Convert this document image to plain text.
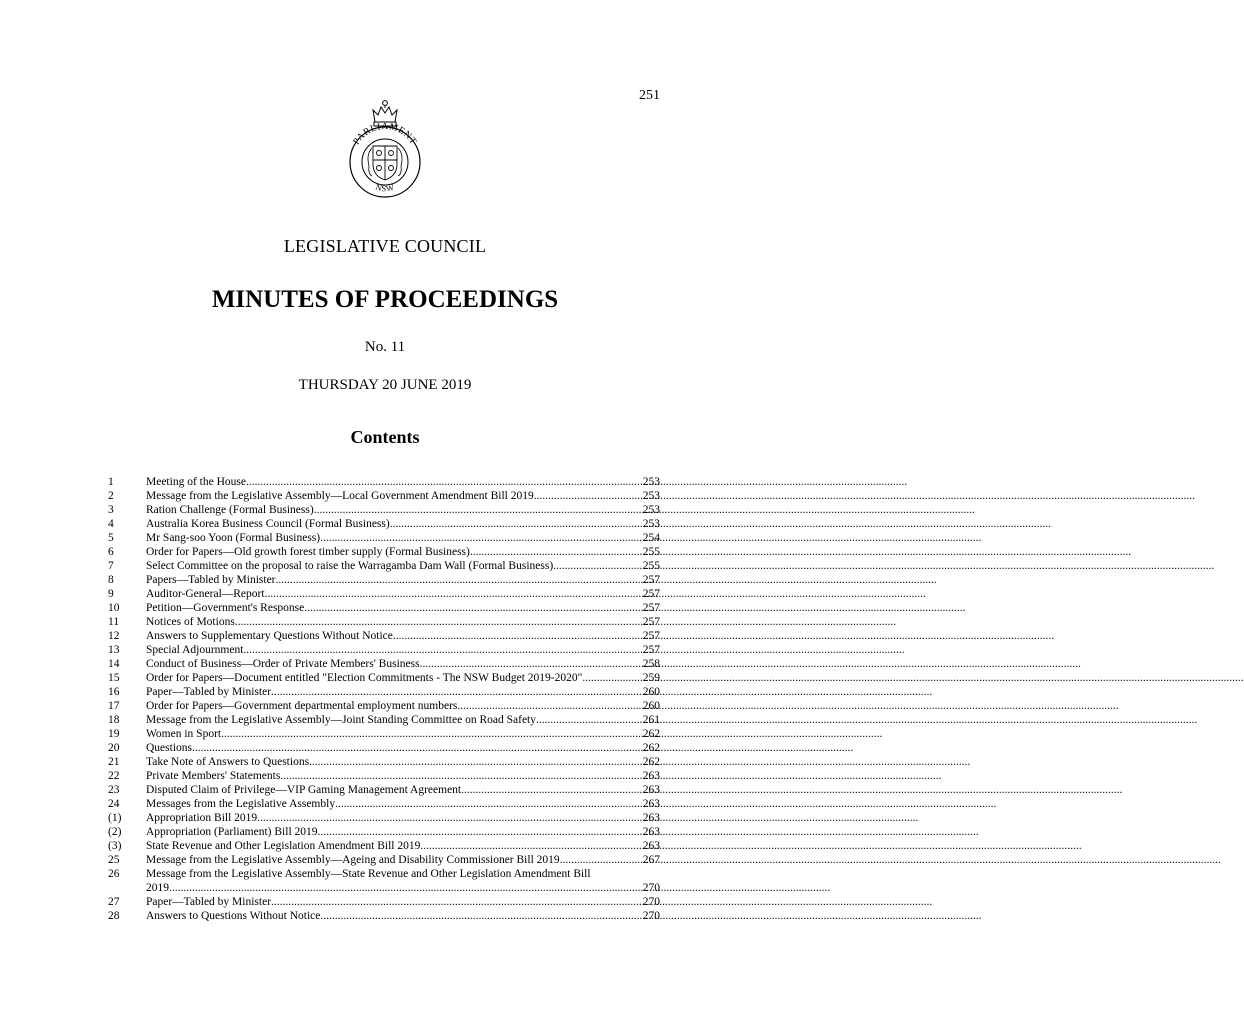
251
PARLIAMENT
NSW
LEGISLATIVE COUNCIL
MINUTES OF PROCEEDINGS
No. 11
THURSDAY 20 JUNE 2019
Contents
1	Meeting of the House .....	253
2	Message from the Legislative Assembly—Local Government Amendment Bill 2019 .....	253
3	Ration Challenge (Formal Business) .....	253
4	Australia Korea Business Council (Formal Business) .....	253
5	Mr Sang-soo Yoon (Formal Business) .....	254
6	Order for Papers—Old growth forest timber supply (Formal Business) .....	255
7	Select Committee on the proposal to raise the Warragamba Dam Wall (Formal Business) .....	255
8	Papers—Tabled by Minister .....	257
9	Auditor-General—Report .....	257
10	Petition—Government's Response .....	257
11	Notices of Motions .....	257
12	Answers to Supplementary Questions Without Notice .....	257
13	Special Adjournment .....	257
14	Conduct of Business—Order of Private Members' Business .....	258
15	Order for Papers—Document entitled "Election Commitments - The NSW Budget 2019-2020" .....	259
16	Paper—Tabled by Minister .....	260
17	Order for Papers—Government departmental employment numbers .....	260
18	Message from the Legislative Assembly—Joint Standing Committee on Road Safety .....	261
19	Women in Sport .....	262
20	Questions .....	262
21	Take Note of Answers to Questions .....	262
22	Private Members' Statements .....	263
23	Disputed Claim of Privilege—VIP Gaming Management Agreement .....	263
24	Messages from the Legislative Assembly .....	263
(1)	Appropriation Bill 2019 .....	263
(2)	Appropriation (Parliament) Bill 2019 .....	263
(3)	State Revenue and Other Legislation Amendment Bill 2019 .....	263
25	Message from the Legislative Assembly—Ageing and Disability Commissioner Bill 2019 .....	267
26	Message from the Legislative Assembly—State Revenue and Other Legislation Amendment Bill
2019 .....	270
27	Paper—Tabled by Minister .....	270
28	Answers to Questions Without Notice .....	270
